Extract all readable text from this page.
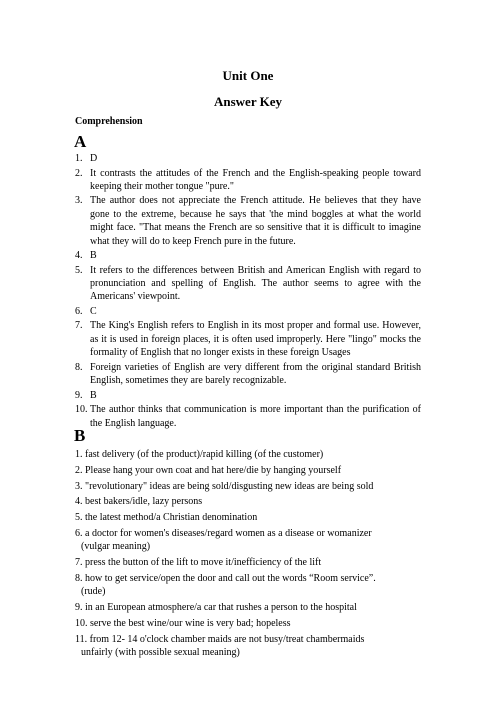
Unit One
Answer Key

Comprehension

A

1. D
2. It contrasts the attitudes of the French and the English-speaking people toward keeping their mother tongue "pure."
3. The author does not appreciate the French attitude. He believes that they have gone to the extreme, because he says that 'the mind boggles at what the world might face. "That means the French are so sensitive that it is difficult to imagine what they will do to keep French pure in the future.
4. B
5. It refers to the differences between British and American English with regard to pronunciation and spelling of English. The author seems to agree with the Americans' viewpoint.
6. C
7. The King's English refers to English in its most proper and formal use. However, as it is used in foreign places, it is often used improperly. Here "lingo" mocks the formality of English that no longer exists in these foreign Usages
8. Foreign varieties of English are very different from the original standard British English, sometimes they are barely recognizable.
9. B
10. The author thinks that communication is more important than the purification of the English language.

B

1. fast delivery (of the product)/rapid killing (of the customer)
2. Please hang your own coat and hat here/die by hanging yourself
3. "revolutionary" ideas are being sold/disgusting new ideas are being sold
4. best bakers/idle, lazy persons
5. the latest method/a Christian denomination
6. a doctor for women's diseases/regard women as a disease or womanizer
(vulgar meaning)
7. press the button of the lift to move it/inefficiency of the lift
8. how to get service/open the door and call out the words “Room service”.
(rude)
9. in an European atmosphere/a car that rushes a person to the hospital
10. serve the best wine/our wine is very bad; hopeless
11. from 12- 14 o'clock chamber maids are not busy/treat chambermaids
unfairly (with possible sexual meaning)
